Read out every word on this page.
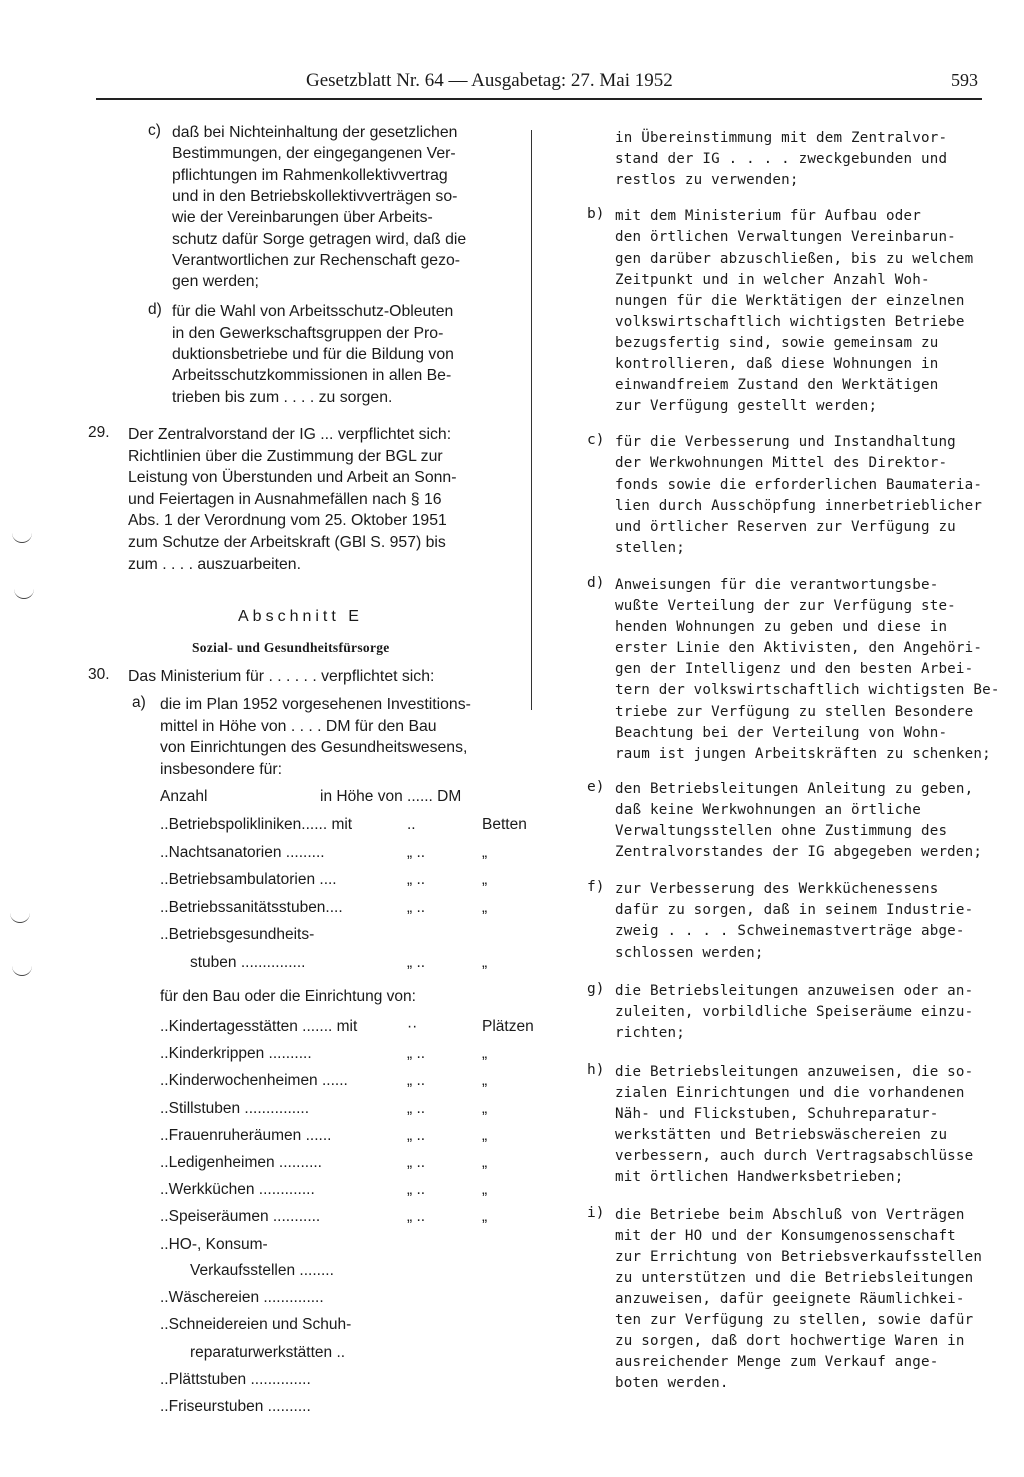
Gesetzblatt Nr. 64 — Ausgabetag: 27. Mai 1952	593
c) daß bei Nichteinhaltung der gesetzlichen
Bestimmungen, der eingegangenen Ver-
pflichtungen im Rahmenkollektivvertrag
und in den Betriebskollektivverträgen so-
wie der Vereinbarungen über Arbeits-
schutz dafür Sorge getragen wird, daß die
Verantwortlichen zur Rechenschaft gezo-
gen werden;
d) für die Wahl von Arbeitsschutz-Obleuten
in den Gewerkschaftsgruppen der Pro-
duktionsbetriebe und für die Bildung von
Arbeitsschutzkommissionen in allen Be-
trieben bis zum . . . . zu sorgen.
29. Der Zentralvorstand der IG ... verpflichtet sich:
Richtlinien über die Zustimmung der BGL zur
Leistung von Überstunden und Arbeit an Sonn-
und Feiertagen in Ausnahmefällen nach § 16
Abs. 1 der Verordnung vom 25. Oktober 1951
zum Schutze der Arbeitskraft (GBl S. 957) bis
zum . . . . auszuarbeiten.
Abschnitt E
Sozial- und Gesundheitsfürsorge
30. Das Ministerium für . . . . . . verpflichtet sich:
a) die im Plan 1952 vorgesehenen Investitions-
mittel in Höhe von . . . . DM für den Bau
von Einrichtungen des Gesundheitswesens,
insbesondere für:
Anzahl	in Höhe von ...... DM
..Betriebspolikliniken...... mit	..	Betten
..Nachtsanatorien .........	„ ..	„
..Betriebsambulatorien ....	„ ..	„
..Betriebssanitätsstuben....	„ ..	„
..Betriebsgesundheits-
stuben ...............	„ ..	„
für den Bau oder die Einrichtung von:
..Kindertagesstätten ....... mit	··	Plätzen
..Kinderkrippen ..........	„ ..	„
..Kinderwochenheimen ......	„ ..	„
..Stillstuben ...............	„ ..	„
..Frauenruheräumen ......	„ ..	„
..Ledigenheimen ..........	„ ..	„
..Werkküchen .............	„ ..	„
..Speiseräumen ...........	„ ..	„
..HO-, Konsum-
Verkaufsstellen ........
..Wäschereien ..............
..Schneidereien und Schuh-
reparaturwerkstätten ..
..Plättstuben ..............
..Friseurstuben ..........
in Übereinstimmung mit dem Zentralvor-
stand der IG . . . . zweckgebunden und
restlos zu verwenden;
b) mit dem Ministerium für Aufbau oder
den örtlichen Verwaltungen Vereinbarun-
gen darüber abzuschließen, bis zu welchem
Zeitpunkt und in welcher Anzahl Woh-
nungen für die Werktätigen der einzelnen
volkswirtschaftlich wichtigsten Betriebe
bezugsfertig sind, sowie gemeinsam zu
kontrollieren, daß diese Wohnungen in
einwandfreiem Zustand den Werktätigen
zur Verfügung gestellt werden;
c) für die Verbesserung und Instandhaltung
der Werkwohnungen Mittel des Direktor-
fonds sowie die erforderlichen Baumateria-
lien durch Ausschöpfung innerbetrieblicher
und örtlicher Reserven zur Verfügung zu
stellen;
d) Anweisungen für die verantwortungsbe-
wußte Verteilung der zur Verfügung ste-
henden Wohnungen zu geben und diese in
erster Linie den Aktivisten, den Angehöri-
gen der Intelligenz und den besten Arbei-
tern der volkswirtschaftlich wichtigsten Be-
triebe zur Verfügung zu stellen Besondere
Beachtung bei der Verteilung von Wohn-
raum ist jungen Arbeitskräften zu schenken;
e) den Betriebsleitungen Anleitung zu geben,
daß keine Werkwohnungen an örtliche
Verwaltungsstellen ohne Zustimmung des
Zentralvorstandes der IG abgegeben werden;
f) zur Verbesserung des Werkküchenessens
dafür zu sorgen, daß in seinem Industrie-
zweig . . . . Schweinemastverträge abge-
schlossen werden;
g) die Betriebsleitungen anzuweisen oder an-
zuleiten, vorbildliche Speiseräume einzu-
richten;
h) die Betriebsleitungen anzuweisen, die so-
zialen Einrichtungen und die vorhandenen
Näh- und Flickstuben, Schuhreparatur-
werkstätten und Betriebswäschereien zu
verbessern, auch durch Vertragsabschlüsse
mit örtlichen Handwerksbetrieben;
i) die Betriebe beim Abschluß von Verträgen
mit der HO und der Konsumgenossenschaft
zur Errichtung von Betriebsverkaufsstellen
zu unterstützen und die Betriebsleitungen
anzuweisen, dafür geeignete Räumlichkei-
ten zur Verfügung zu stellen, sowie dafür
zu sorgen, daß dort hochwertige Waren in
ausreichender Menge zum Verkauf ange-
boten werden.
